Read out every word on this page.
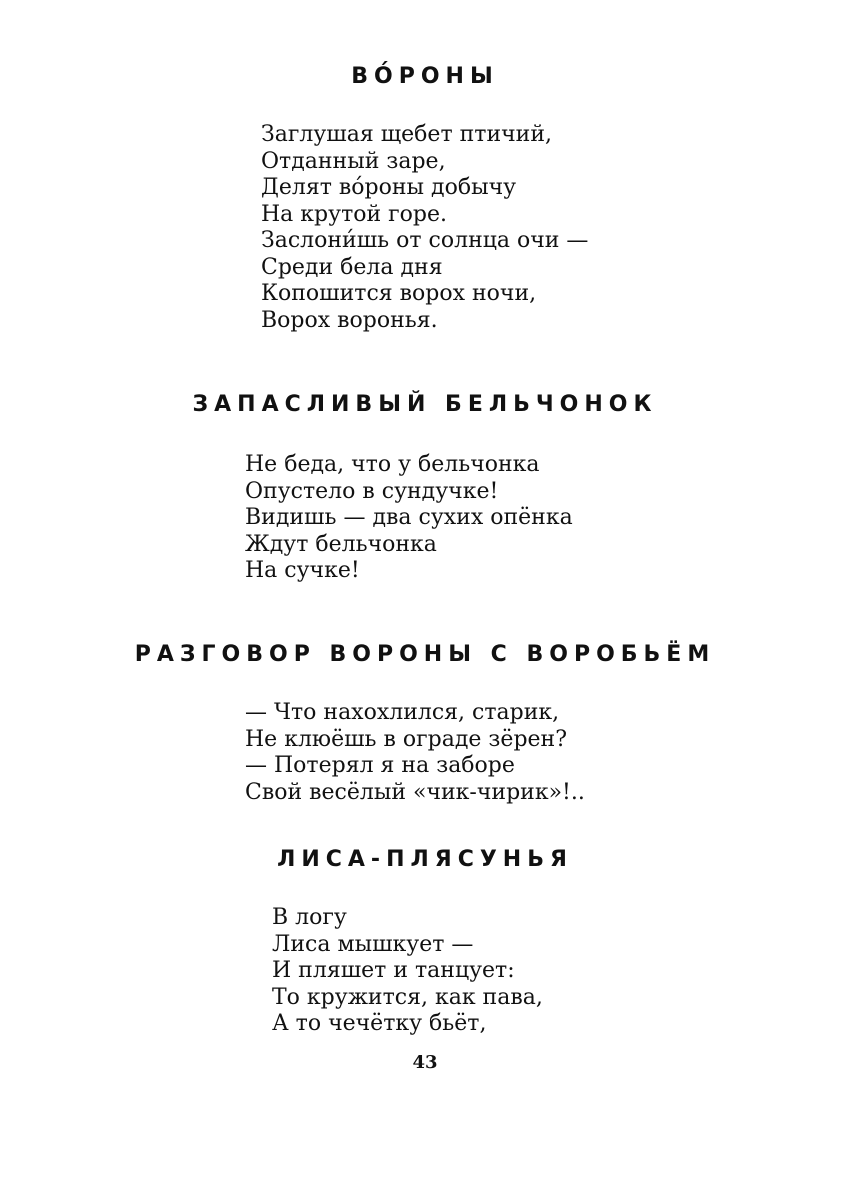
ВО́РОНЫ
Заглушая щебет птичий,
Отданный заре,
Делят во́роны добычу
На крутой горе.
Заслони́шь от солнца очи —
Среди бела дня
Копошится ворох ночи,
Ворох воронья.
ЗАПАСЛИВЫЙ БЕЛЬЧОНОК
Не беда, что у бельчонка
Опустело в сундучке!
Видишь — два сухих опёнка
Ждут бельчонка
На сучке!
РАЗГОВОР ВОРОНЫ С ВОРОБЬЁМ
— Что нахохлился, старик,
Не клюёшь в ограде зёрен?
— Потерял я на заборе
Свой весёлый «чик-чирик»!..
ЛИСА-ПЛЯСУНЬЯ
В логу
Лиса мышкует —
И пляшет и танцует:
То кружится, как пава,
А то чечётку бьёт,
43
